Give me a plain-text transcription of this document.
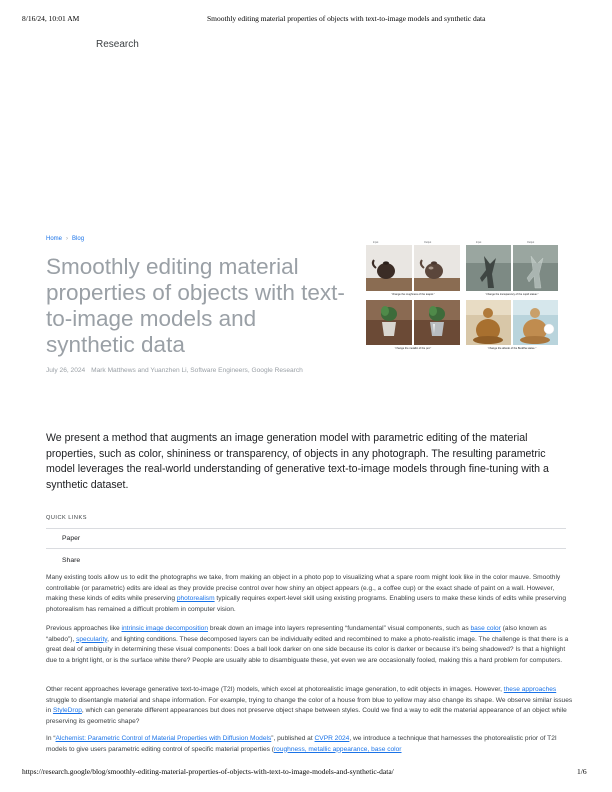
8/16/24, 10:01 AM	Smoothly editing material properties of objects with text-to-image models and synthetic data
Research
Home › Blog
Smoothly editing material properties of objects with text-to-image models and synthetic data
July 26, 2024 Mark Matthews and Yuanzhen Li, Software Engineers, Google Research
Input	Output
"change the roughness of the teapot."
Input	Output
"change the transparency of the cupid statue."
"change the metallic of the pot."	"change the albedo of the Buddha statue."

We present a method that augments an image generation model with parametric editing of the material properties, such as color, shininess or transparency, of objects in any photograph. The resulting parametric model leverages the real-world understanding of generative text-to-image models through fine-tuning with a synthetic dataset.

QUICK LINKS
Paper
Share

Many existing tools allow us to edit the photographs we take, from making an object in a photo pop to visualizing what a spare room might look like in the color mauve. Smoothly controllable (or parametric) edits are ideal as they provide precise control over how shiny an object appears (e.g., a coffee cup) or the exact shade of paint on a wall. However, making these kinds of edits while preserving photorealism typically requires expert-level skill using existing programs. Enabling users to make these kinds of edits while preserving photorealism has remained a difficult problem in computer vision.

Previous approaches like intrinsic image decomposition break down an image into layers representing “fundamental” visual components, such as base color (also known as “albedo”), specularity, and lighting conditions. These decomposed layers can be individually edited and recombined to make a photo-realistic image. The challenge is that there is a great deal of ambiguity in determining these visual components: Does a ball look darker on one side because its color is darker or because it’s being shadowed? Is that a highlight due to a bright light, or is the surface white there? People are usually able to disambiguate these, yet even we are occasionally fooled, making this a hard problem for computers.

Other recent approaches leverage generative text-to-image (T2I) models, which excel at photorealistic image generation, to edit objects in images. However, these approaches struggle to disentangle material and shape information. For example, trying to change the color of a house from blue to yellow may also change its shape. We observe similar issues in StyleDrop, which can generate different appearances but does not preserve object shape between styles. Could we find a way to edit the material appearance of an object while preserving its geometric shape?

In “Alchemist: Parametric Control of Material Properties with Diffusion Models”, published at CVPR 2024, we introduce a technique that harnesses the photorealistic prior of T2I models to give users parametric editing control of specific material properties (roughness, metallic appearance, base color

https://research.google/blog/smoothly-editing-material-properties-of-objects-with-text-to-image-models-and-synthetic-data/	1/6
